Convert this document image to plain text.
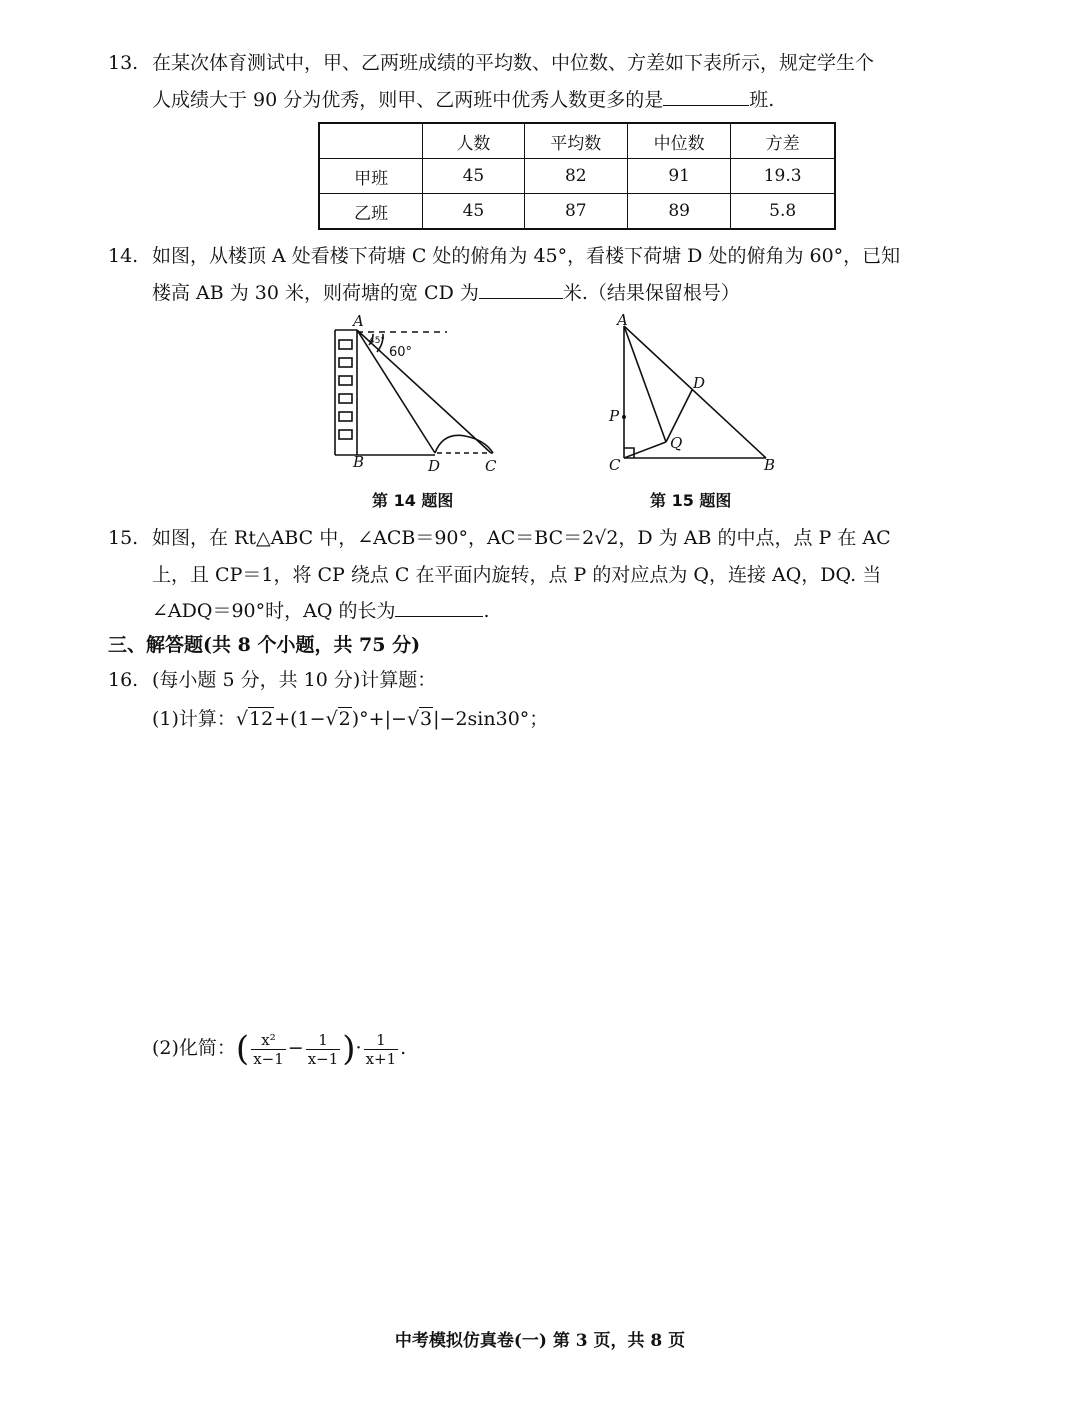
13. 在某次体育测试中，甲、乙两班成绩的平均数、中位数、方差如下表所示，规定学生个
人成绩大于 90 分为优秀，则甲、乙两班中优秀人数更多的是	班.
	人数	平均数	中位数	方差
甲班	45	82	91	19.3
乙班	45	87	89	5.8
14. 如图，从楼顶 A 处看楼下荷塘 C 处的俯角为 45°，看楼下荷塘 D 处的俯角为 60°，已知
楼高 AB 为 30 米，则荷塘的宽 CD 为	米.（结果保留根号）
A
B	D	C
45°
60°
第 14 题图
A
D
P
Q
C	B
第 15 题图
15. 如图，在 Rt△ABC 中，∠ACB＝90°，AC＝BC＝2√2，D 为 AB 的中点，点 P 在 AC
上，且 CP＝1，将 CP 绕点 C 在平面内旋转，点 P 的对应点为 Q，连接 AQ，DQ. 当
∠ADQ＝90°时，AQ 的长为	.
三、解答题(共 8 个小题，共 75 分)
16. (每小题 5 分，共 10 分)计算题：
(1)计算：√12+(1−√2)°+|−√3|−2sin30°；
(2)化简：( $\frac{\text{x²}}{x-1} - \frac{1}{x-1}$ )· $\frac{1}{x+1}$ .
中考模拟仿真卷(一) 第 3 页，共 8 页
